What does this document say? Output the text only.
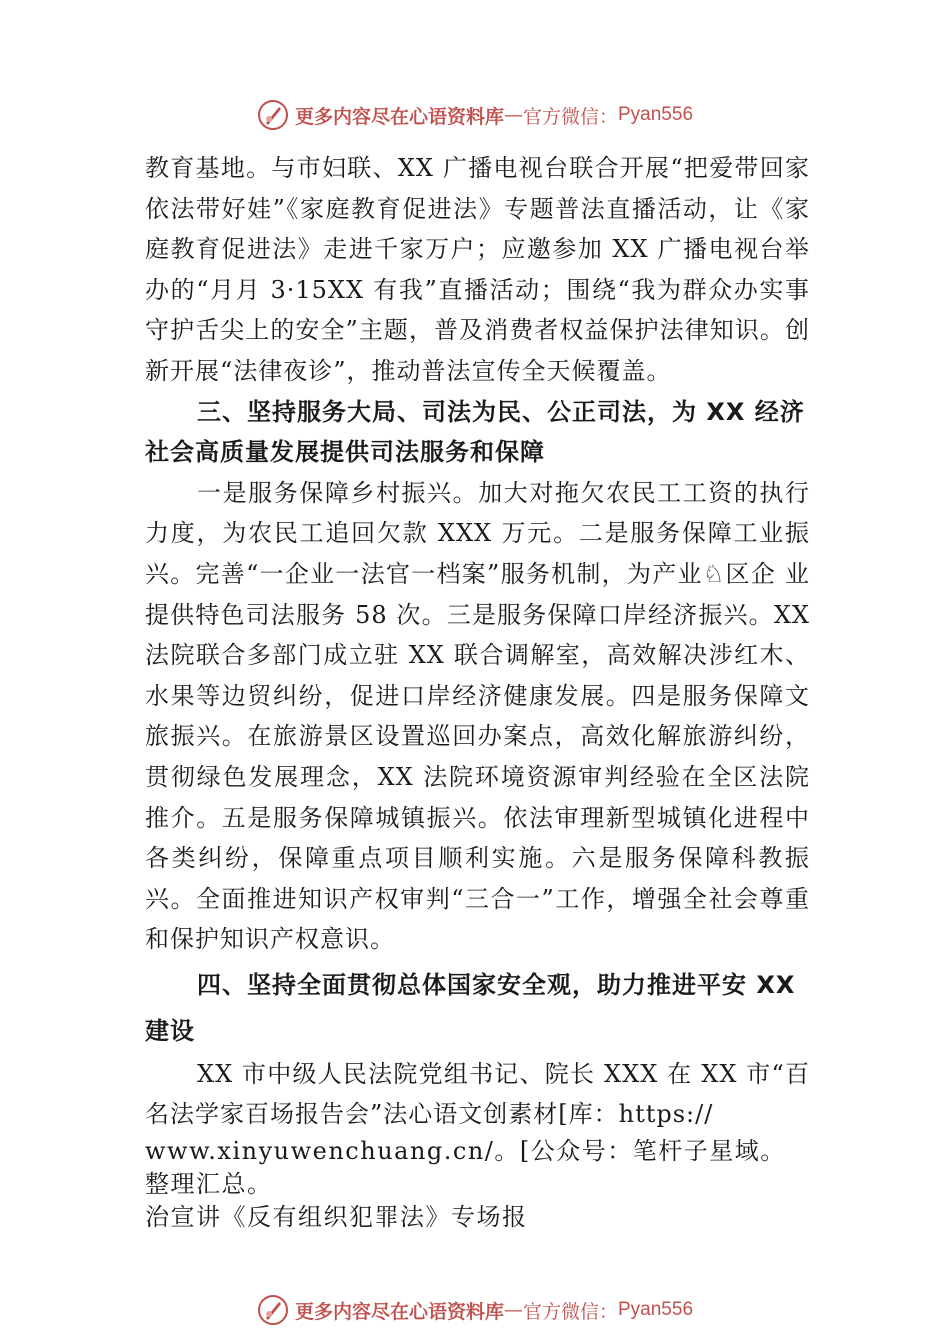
更多内容尽在心语资料库 — 官方微信： Pyan556

教育基地。与市妇联、XX 广播电视台联合开展“把爱带回家依法带好娃”《家庭教育促进法》专题普法直播活动，让《家庭教育促进法》走进千家万户；应邀参加 XX 广播电视台举办的“月月 3·15XX 有我”直播活动；围绕“我为群众办实事守护舌尖上的安全”主题，普及消费者权益保护法律知识。创新开展“法律夜诊”，推动普法宣传全天候覆盖。

三、坚持服务大局、司法为民、公正司法，为 XX 经济社会高质量发展提供司法服务和保障

一是服务保障乡村振兴。加大对拖欠农民工工资的执行力度，为农民工追回欠款 XXX 万元。二是服务保障工业振兴。完善“一企业一法官一档案”服务机制，为产业♘区企 业提供特色司法服务 58 次。三是服务保障口岸经济振兴。XX 法院联合多部门成立驻 XX 联合调解室，高效解决涉红木、水果等边贸纠纷，促进口岸经济健康发展。四是服务保障文旅振兴。在旅游景区设置巡回办案点，高效化解旅游纠纷，贯彻绿色发展理念，XX 法院环境资源审判经验在全区法院推介。五是服务保障城镇振兴。依法审理新型城镇化进程中各类纠纷，保障重点项目顺利实施。六是服务保障科教振兴。全面推进知识产权审判“三合一”工作，增强全社会尊重和保护知识产权意识。

四、坚持全面贯彻总体国家安全观，助力推进平安 XX 建设

XX 市中级人民法院党组书记、院长 XXX 在 XX 市“百名法学家百场报告会”法心语文创素材[库：https://

www.xinyuwenchuang.cn/。[公众号：笔杆子星域。整理汇总。

治宣讲《反有组织犯罪法》专场报

更多内容尽在心语资料库 — 官方微信： Pyan556
